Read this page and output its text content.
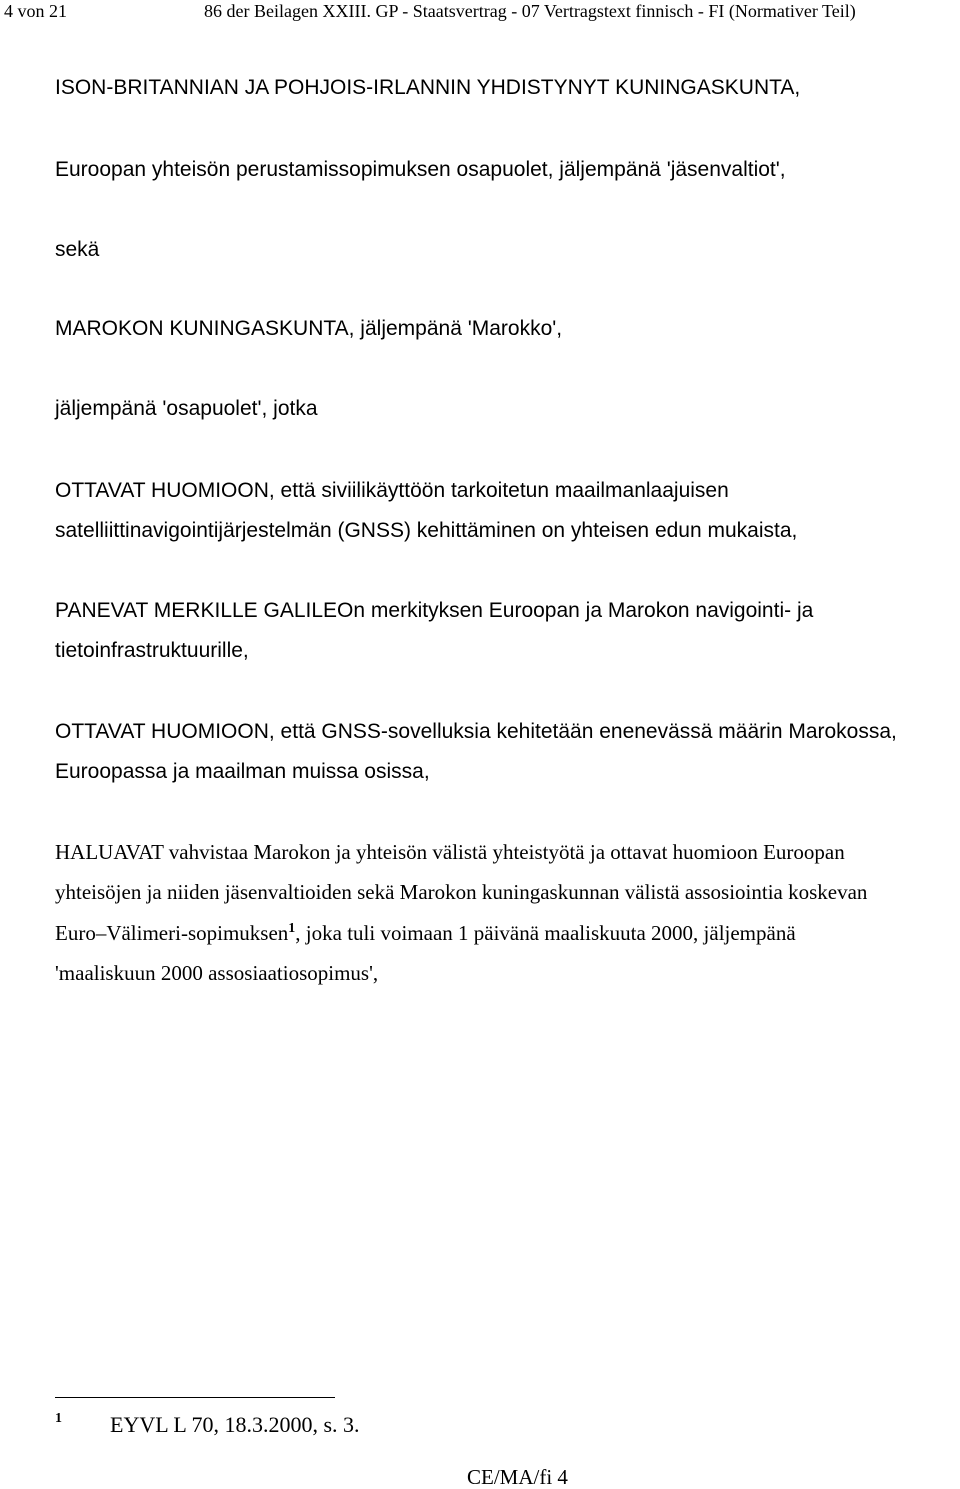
4 von 21	86 der Beilagen XXIII. GP - Staatsvertrag - 07 Vertragstext finnisch - FI (Normativer Teil)
ISON-BRITANNIAN JA POHJOIS-IRLANNIN YHDISTYNYT KUNINGASKUNTA,
Euroopan yhteisön perustamissopimuksen osapuolet, jäljempänä 'jäsenvaltiot',
sekä
MAROKON KUNINGASKUNTA, jäljempänä 'Marokko',
jäljempänä 'osapuolet', jotka
OTTAVAT HUOMIOON, että siviilikäyttöön tarkoitetun maailmanlaajuisen
satelliittinavigointijärjestelmän (GNSS) kehittäminen on yhteisen edun mukaista,
PANEVAT MERKILLE GALILEOn merkityksen Euroopan ja Marokon navigointi- ja
tietoinfrastruktuurille,
OTTAVAT HUOMIOON, että GNSS-sovelluksia kehitetään enenevässä määrin Marokossa,
Euroopassa ja maailman muissa osissa,
HALUAVAT vahvistaa Marokon ja yhteisön välistä yhteistyötä ja ottavat huomioon Euroopan
yhteisöjen ja niiden jäsenvaltioiden sekä Marokon kuningaskunnan välistä assosiointia koskevan
Euro–Välimeri-sopimuksen$^1$, joka tuli voimaan 1 päivänä maaliskuuta 2000, jäljempänä
'maaliskuun 2000 assosiaatiosopimus',
1 EYVL L 70, 18.3.2000, s. 3.
CE/MA/fi 4
